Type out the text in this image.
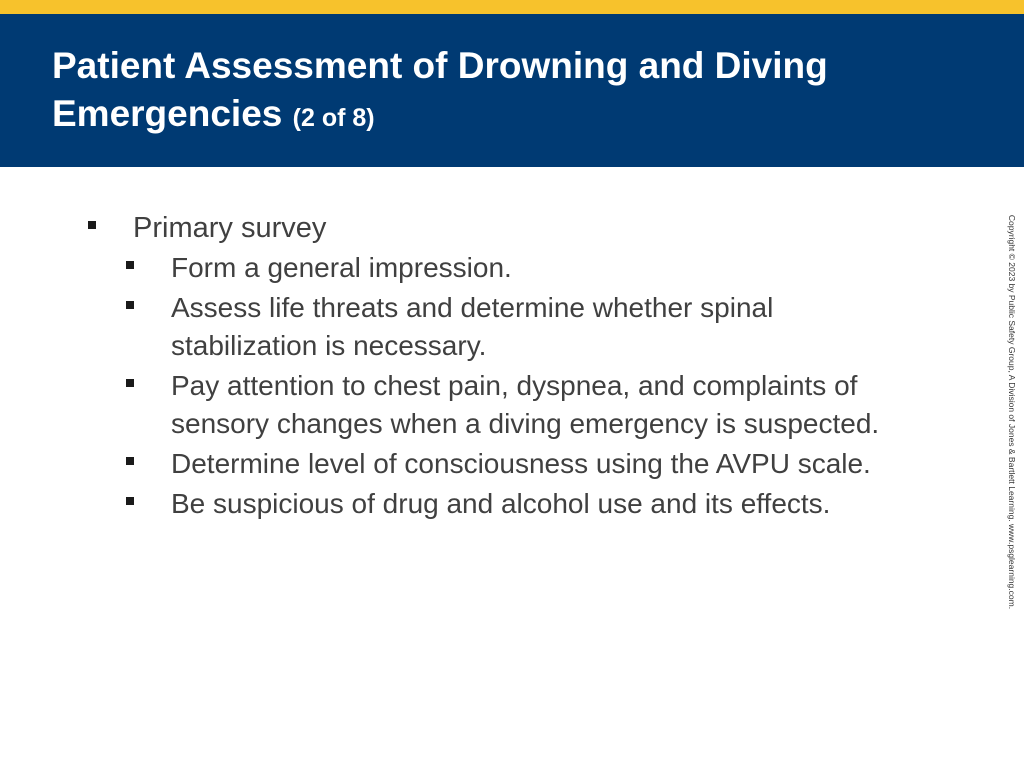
Patient Assessment of Drowning and Diving Emergencies (2 of 8)
Primary survey
Form a general impression.
Assess life threats and determine whether spinal stabilization is necessary.
Pay attention to chest pain, dyspnea, and complaints of sensory changes when a diving emergency is suspected.
Determine level of consciousness using the AVPU scale.
Be suspicious of drug and alcohol use and its effects.	Copyright © 2023 by Public Safety Group, A Division of Jones & Bartlett Learning. www.psglearning.com.
